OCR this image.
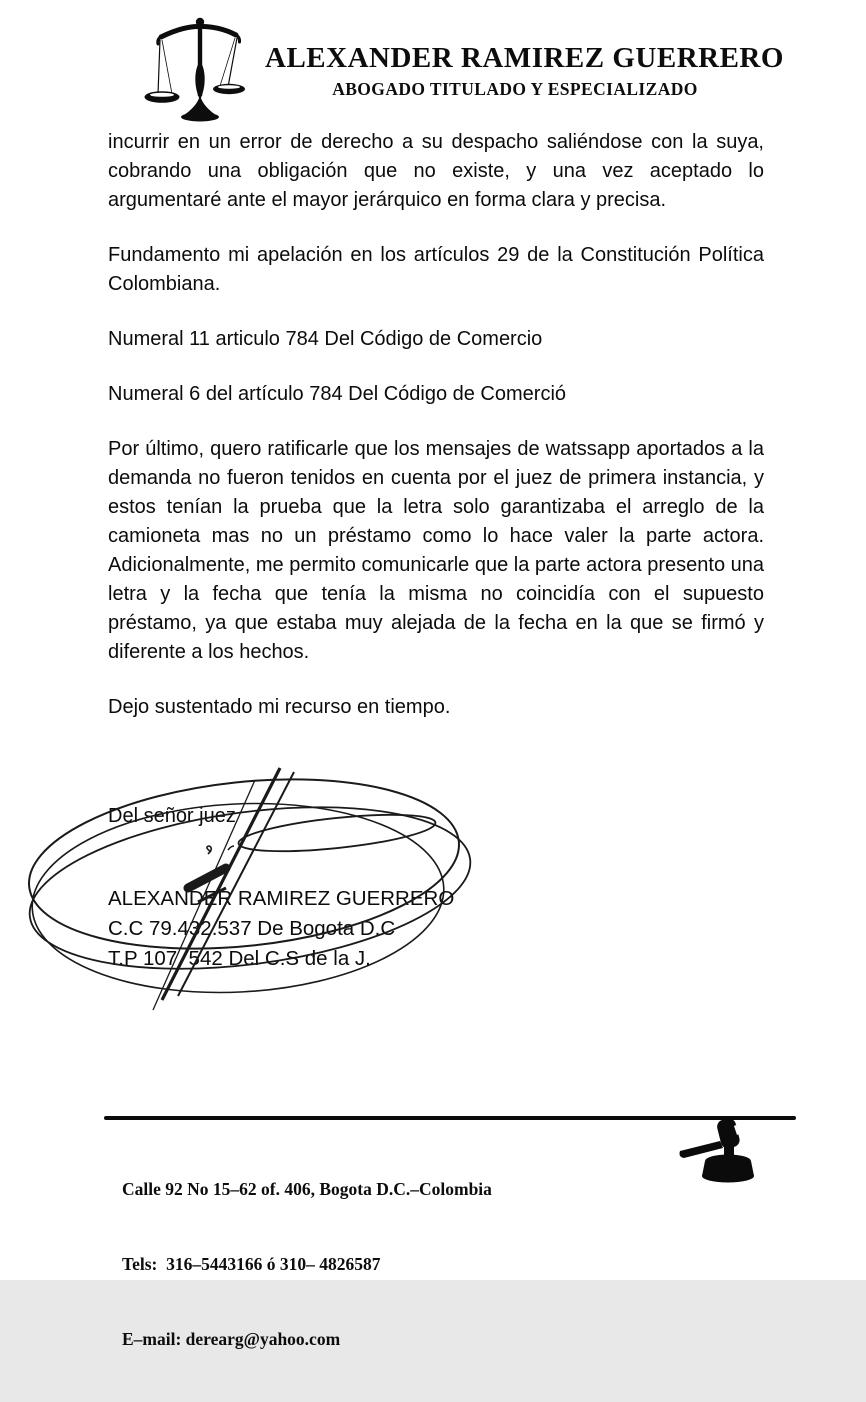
ALEXANDER RAMIREZ GUERRERO
ABOGADO TITULADO Y ESPECIALIZADO

incurrir en un error de derecho a su despacho saliéndose con la suya, cobrando una obligación que no existe, y una vez aceptado lo argumentaré ante el mayor jerárquico en forma clara y precisa.

Fundamento mi apelación en los artículos 29 de la Constitución Política Colombiana.

Numeral 11 articulo 784 Del Código de Comercio

Numeral 6 del artículo 784 Del Código de Comerció

Por último, quero ratificarle que los mensajes de watssapp aportados a la demanda no fueron tenidos en cuenta por el juez de primera instancia, y estos tenían la prueba que la letra solo garantizaba el arreglo de la camioneta mas no un préstamo como lo hace valer la parte actora. Adicionalmente, me permito comunicarle que la parte actora presento una letra y la fecha que tenía la misma no coincidía con el supuesto préstamo, ya que estaba muy alejada de la fecha en la que se firmó y diferente a los hechos.

Dejo sustentado mi recurso en tiempo.

Del señor juez

ALEXANDER RAMIREZ GUERRERO
C.C 79.432.537 De Bogota D.C
T.P 107. 542 Del C.S de la J.

Calle 92 No 15–62 of. 406, Bogota D.C.–Colombia

Tels:  316–5443166 ó 310– 4826587

E–mail: derearg@yahoo.com
